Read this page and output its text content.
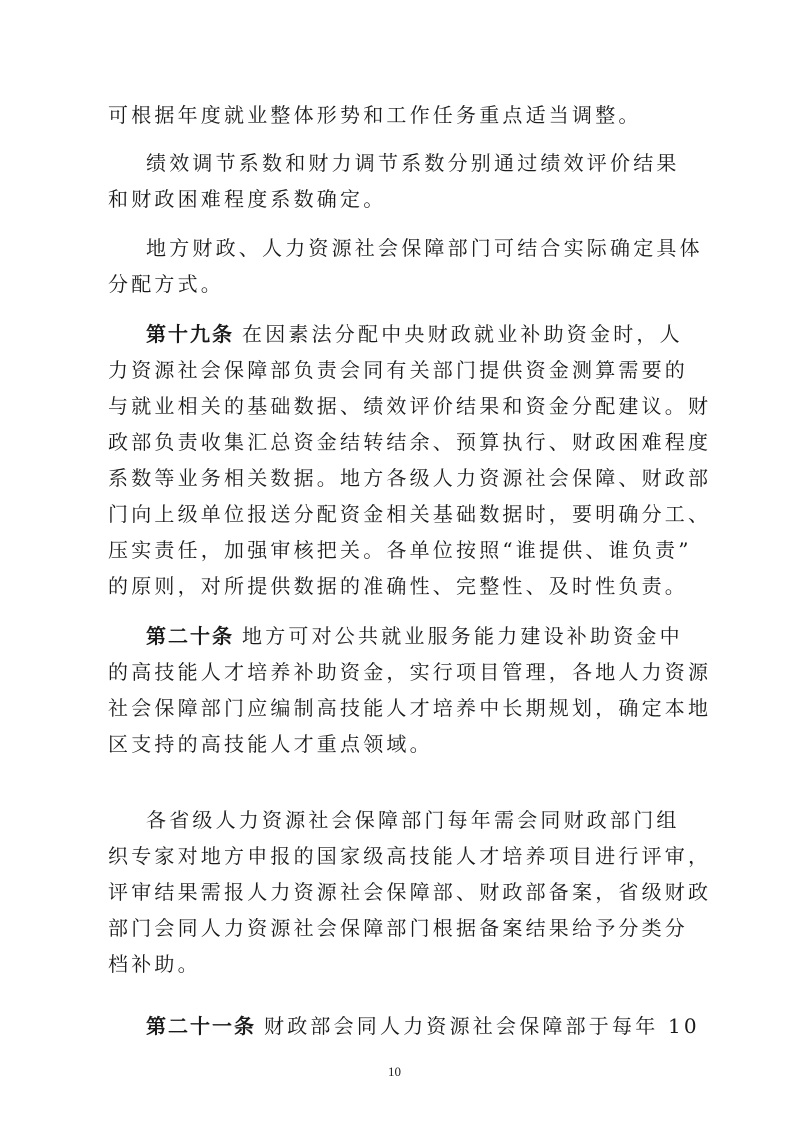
可根据年度就业整体形势和工作任务重点适当调整。
绩效调节系数和财力调节系数分别通过绩效评价结果
和财政困难程度系数确定。
地方财政、人力资源社会保障部门可结合实际确定具体
分配方式。
第十九条 在因素法分配中央财政就业补助资金时，人
力资源社会保障部负责会同有关部门提供资金测算需要的
与就业相关的基础数据、绩效评价结果和资金分配建议。财
政部负责收集汇总资金结转结余、预算执行、财政困难程度
系数等业务相关数据。地方各级人力资源社会保障、财政部
门向上级单位报送分配资金相关基础数据时，要明确分工、
压实责任，加强审核把关。各单位按照“谁提供、谁负责”
的原则，对所提供数据的准确性、完整性、及时性负责。
第二十条 地方可对公共就业服务能力建设补助资金中
的高技能人才培养补助资金，实行项目管理，各地人力资源
社会保障部门应编制高技能人才培养中长期规划，确定本地
区支持的高技能人才重点领域。
各省级人力资源社会保障部门每年需会同财政部门组
织专家对地方申报的国家级高技能人才培养项目进行评审，
评审结果需报人力资源社会保障部、财政部备案，省级财政
部门会同人力资源社会保障部门根据备案结果给予分类分
档补助。
第二十一条 财政部会同人力资源社会保障部于每年 10
10
